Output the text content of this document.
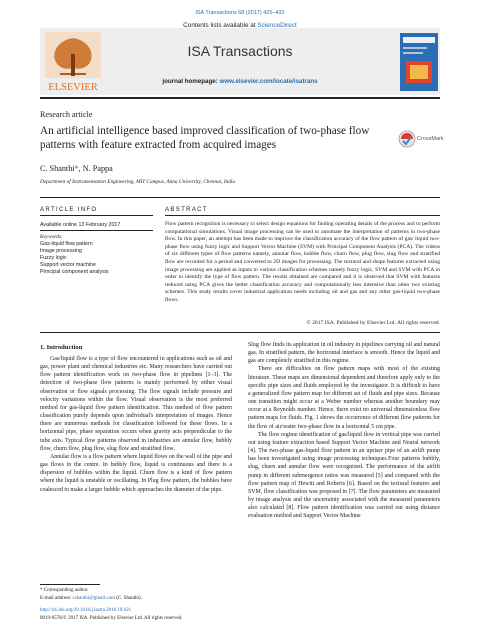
ISA Transactions 68 (2017) 425–432
ELSEVIER
Contents lists available at ScienceDirect
ISA Transactions
journal homepage: www.elsevier.com/locate/isatrans
Research article
An artificial intelligence based improved classification of two-phase flow patterns with feature extracted from acquired images	CrossMark
C. Shanthi*, N. Pappa
Department of Instrumentation Engineering, MIT Campus, Anna University, Chennai, India
ARTICLE INFO	ABSTRACT
Available online 13 February 2017
Keywords:
Gas-liquid flow pattern
Image processing
Fuzzy logic
Support vector machine
Principal component analysis
Flow pattern recognition is necessary to select design equations for finding operating details of the process and to perform computational simulations. Visual image processing can be used to automate the interpretation of patterns in two-phase flow. In this paper, an attempt has been made to improve the classification accuracy of the flow pattern of gas/ liquid two- phase flow using fuzzy logic and Support Vector Machine (SVM) with Principal Component Analysis (PCA). The videos of six different types of flow patterns namely, annular flow, bubble flow, churn flow, plug flow, slug flow and stratified flow are recorded for a period and converted to 2D images for processing. The textural and shape features extracted using image processing are applied as inputs to various classification schemes namely fuzzy logic, SVM and SVM with PCA in order to identify the type of flow pattern. The results obtained are compared and it is observed that SVM with features reduced using PCA gives the better classification accuracy and computationally less intensive than other two existing schemes. This study results cover industrial application needs including oil and gas and any other gas-liquid two-phase flows.
© 2017 ISA. Published by Elsevier Ltd. All rights reserved.
1. Introduction

Gas/liquid flow is a type of flow encountered in applications such as oil and gas, power plant and chemical industries etc. Many researchers have carried out flow pattern identification work on two-phase flow in pipelines [1–3]. The detection of two-phase flow patterns is mainly performed by either visual observation or flow signals processing. The flow signals include pressure and velocity variations within the flow. Visual observation is the most preferred method for gas-liquid flow pattern identification. This method of flow pattern classification purely depends upon individual's interpretation of images. Hence there are numerous methods for classification followed for these flows. In a horizontal pipe, phase separation occurs when gravity acts perpendicular to the tube axis. Typical flow patterns observed in industries are annular flow, bubbly flow, churn flow, plug flow, slug flow and stratified flow.

Annular flow is a flow pattern where liquid flows on the wall of the pipe and gas flows in the centre. In bubbly flow, liquid is continuous and there is a dispersion of bubbles within the liquid. Churn flow is a kind of flow pattern where the liquid is unstable or oscillating. In Plug flow pattern, the bubbles have coalesced to make a larger bubble which approaches the diameter of the pipe.

Slug flow finds its application in oil industry in pipelines carrying oil and natural gas. In stratified pattern, the horizontal interface is smooth. Hence the liquid and gas are completely stratified in this regime.

There are difficulties on flow pattern maps with most of the existing literature. These maps are dimensional dependent and therefore apply only to the specific pipe sizes and fluids employed by the investigator. It is difficult to have a generalized flow pattern map for different set of fluids and pipe sizes. Because one transition might occur at a Weber number whereas another boundary may occur at a Reynolds number. Hence, there exist no universal dimensionless flow pattern maps for fluids. Fig. 1 shows the occurrence of different flow patterns for the flow of air/water two-phase flow in a horizontal 5 cm pipe.

The flow regime identification of gas/liquid flow in vertical pipe was carried out using feature extraction based Support Vector Machine and Neural network [4]. The two-phase gas-liquid flow pattern in an upriser pipe of an airlift pump has been investigated using image processing techniques.Four patterns bubbly, slug, churn and annular flow were recognized. The performance of the airlift pump in different submergence ratios was measured [5] and compared with the flow pattern map of Hewitt and Roberts [6]. Based on the textural features and SVM, flow classification was proposed in [7]. The flow parameters are measured by image analysis and the uncertainty associated with the measured parameters also calculated [8]. Flow pattern identification was carried out using distance evaluation method and Support Vector Machine

* Corresponding author.
E-mail address: cshanthi@gmail.com (C. Shanthi).
http://dx.doi.org/10.1016/j.isatra.2016.10.021
0019-0578/© 2017 ISA. Published by Elsevier Ltd. All rights reserved.
